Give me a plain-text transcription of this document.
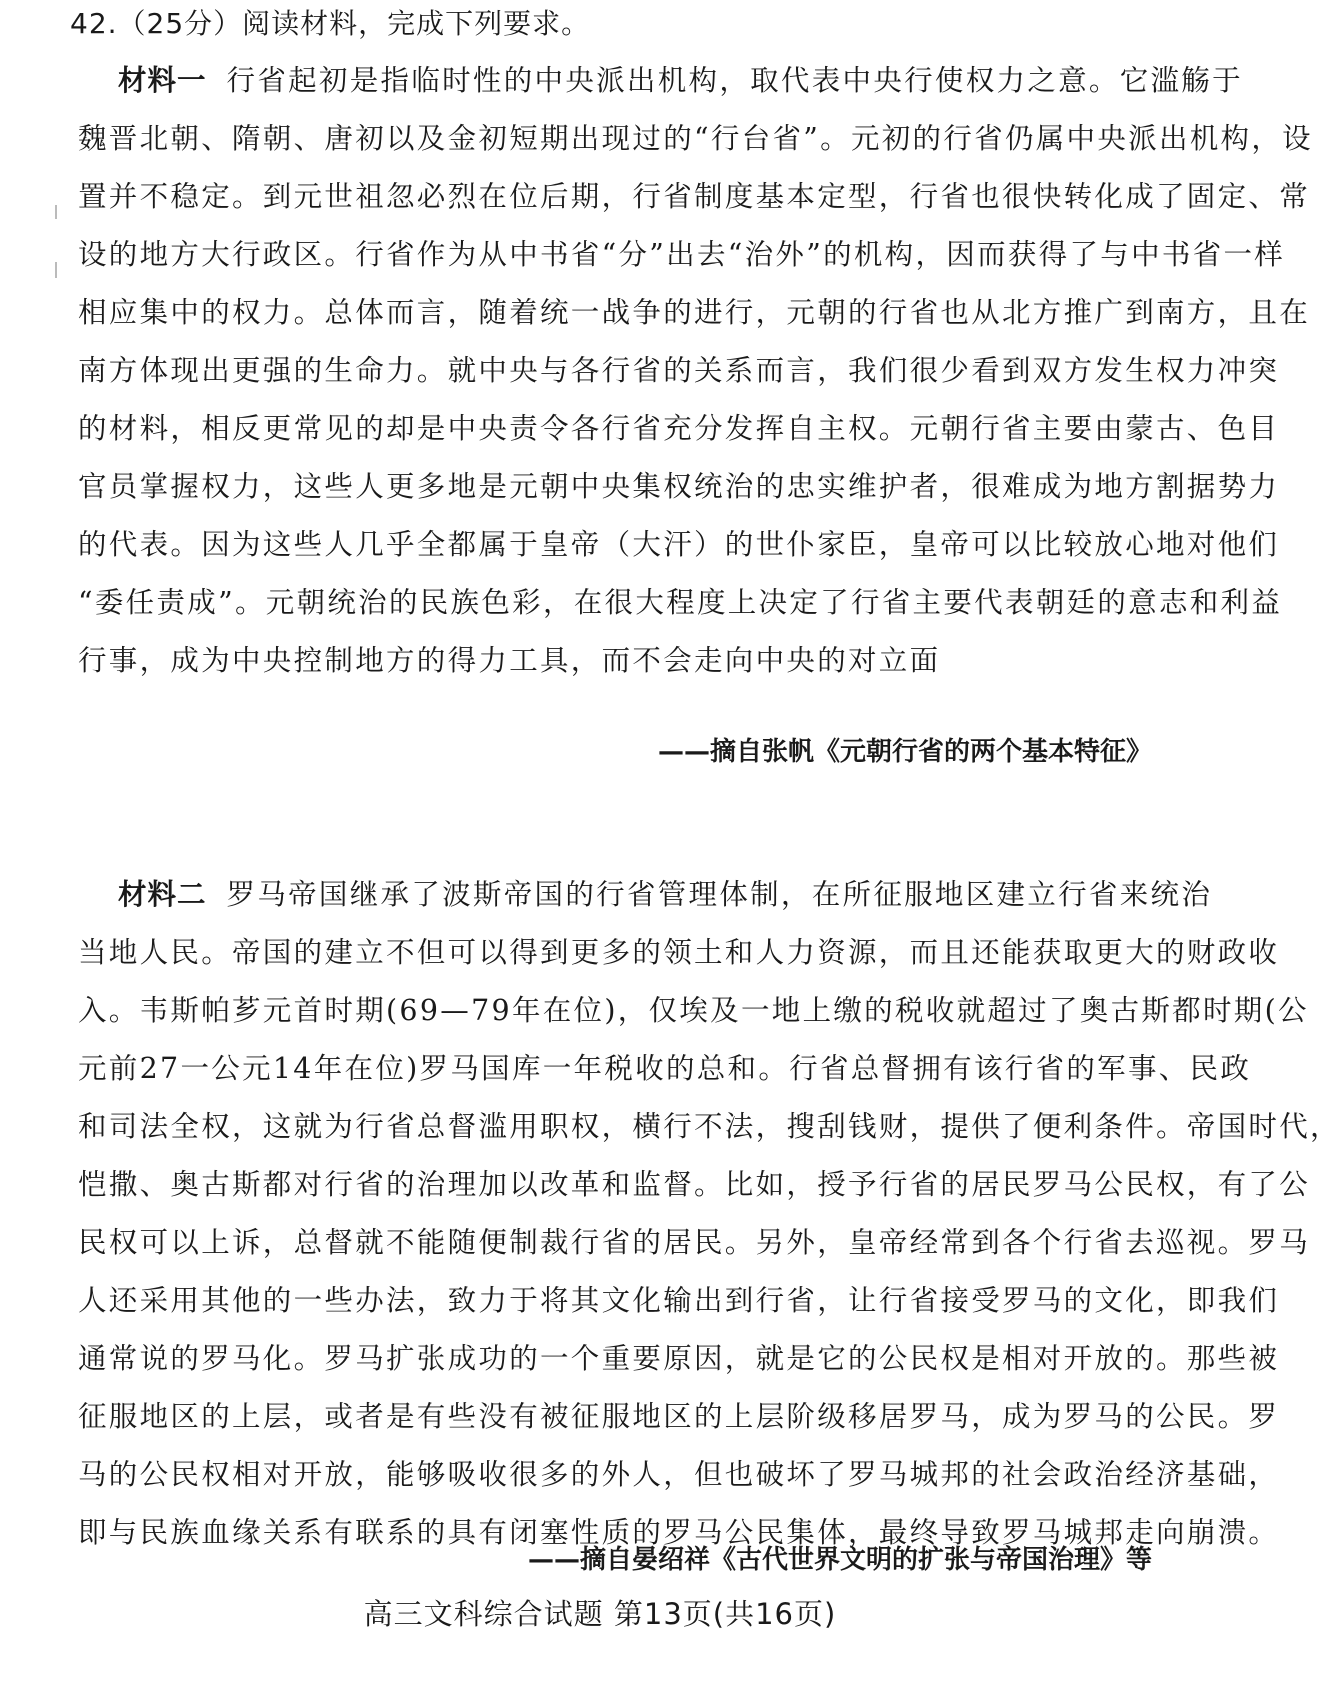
42.（25分）阅读材料，完成下列要求。
材料一 行省起初是指临时性的中央派出机构，取代表中央行使权力之意。它滥觞于
魏晋北朝、隋朝、唐初以及金初短期出现过的“行台省”。元初的行省仍属中央派出机构，设
置并不稳定。到元世祖忽必烈在位后期，行省制度基本定型，行省也很快转化成了固定、常
设的地方大行政区。行省作为从中书省“分”出去“治外”的机构，因而获得了与中书省一样
相应集中的权力。总体而言，随着统一战争的进行，元朝的行省也从北方推广到南方，且在
南方体现出更强的生命力。就中央与各行省的关系而言，我们很少看到双方发生权力冲突
的材料，相反更常见的却是中央责令各行省充分发挥自主权。元朝行省主要由蒙古、色目
官员掌握权力，这些人更多地是元朝中央集权统治的忠实维护者，很难成为地方割据势力
的代表。因为这些人几乎全都属于皇帝（大汗）的世仆家臣，皇帝可以比较放心地对他们
“委任责成”。元朝统治的民族色彩，在很大程度上决定了行省主要代表朝廷的意志和利益
行事，成为中央控制地方的得力工具，而不会走向中央的对立面
——摘自张帆《元朝行省的两个基本特征》
材料二 罗马帝国继承了波斯帝国的行省管理体制，在所征服地区建立行省来统治
当地人民。帝国的建立不但可以得到更多的领土和人力资源，而且还能获取更大的财政收
入。韦斯帕芗元首时期(69—79年在位)，仅埃及一地上缴的税收就超过了奥古斯都时期(公
元前27一公元14年在位)罗马国库一年税收的总和。行省总督拥有该行省的军事、民政
和司法全权，这就为行省总督滥用职权，横行不法，搜刮钱财，提供了便利条件。帝国时代，
恺撒、奥古斯都对行省的治理加以改革和监督。比如，授予行省的居民罗马公民权，有了公
民权可以上诉，总督就不能随便制裁行省的居民。另外，皇帝经常到各个行省去巡视。罗马
人还采用其他的一些办法，致力于将其文化输出到行省，让行省接受罗马的文化，即我们
通常说的罗马化。罗马扩张成功的一个重要原因，就是它的公民权是相对开放的。那些被
征服地区的上层，或者是有些没有被征服地区的上层阶级移居罗马，成为罗马的公民。罗
马的公民权相对开放，能够吸收很多的外人，但也破坏了罗马城邦的社会政治经济基础，
即与民族血缘关系有联系的具有闭塞性质的罗马公民集体，最终导致罗马城邦走向崩溃。
——摘自晏绍祥《古代世界文明的扩张与帝国治理》等
高三文科综合试题 第13页(共16页)
